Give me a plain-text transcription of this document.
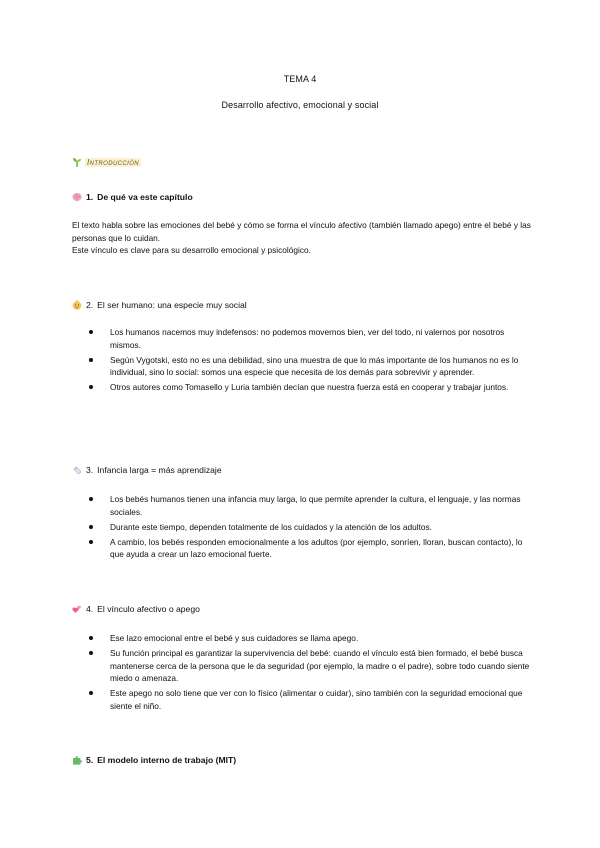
TEMA 4
Desarrollo afectivo, emocional y social
Introducción
1. De qué va este capítulo

El texto habla sobre las emociones del bebé y cómo se forma el vínculo afectivo (también llamado apego) entre el bebé y las personas que lo cuidan.

Este vínculo es clave para su desarrollo emocional y psicológico.

2. El ser humano: una especie muy social
Los humanos nacemos muy indefensos: no podemos movernos bien, ver del todo, ni valernos por nosotros mismos.
Según Vygotski, esto no es una debilidad, sino una muestra de que lo más importante de los humanos no es lo individual, sino lo social: somos una especie que necesita de los demás para sobrevivir y aprender.
Otros autores como Tomasello y Luria también decían que nuestra fuerza está en cooperar y trabajar juntos.
3. Infancia larga = más aprendizaje
Los bebés humanos tienen una infancia muy larga, lo que permite aprender la cultura, el lenguaje, y las normas sociales.
Durante este tiempo, dependen totalmente de los cuidados y la atención de los adultos.
A cambio, los bebés responden emocionalmente a los adultos (por ejemplo, sonríen, lloran, buscan contacto), lo que ayuda a crear un lazo emocional fuerte.
4. El vínculo afectivo o apego
Ese lazo emocional entre el bebé y sus cuidadores se llama apego.
Su función principal es garantizar la supervivencia del bebé: cuando el vínculo está bien formado, el bebé busca mantenerse cerca de la persona que le da seguridad (por ejemplo, la madre o el padre), sobre todo cuando siente miedo o amenaza.
Este apego no solo tiene que ver con lo físico (alimentar o cuidar), sino también con la seguridad emocional que siente el niño.
5. El modelo interno de trabajo (MIT)
